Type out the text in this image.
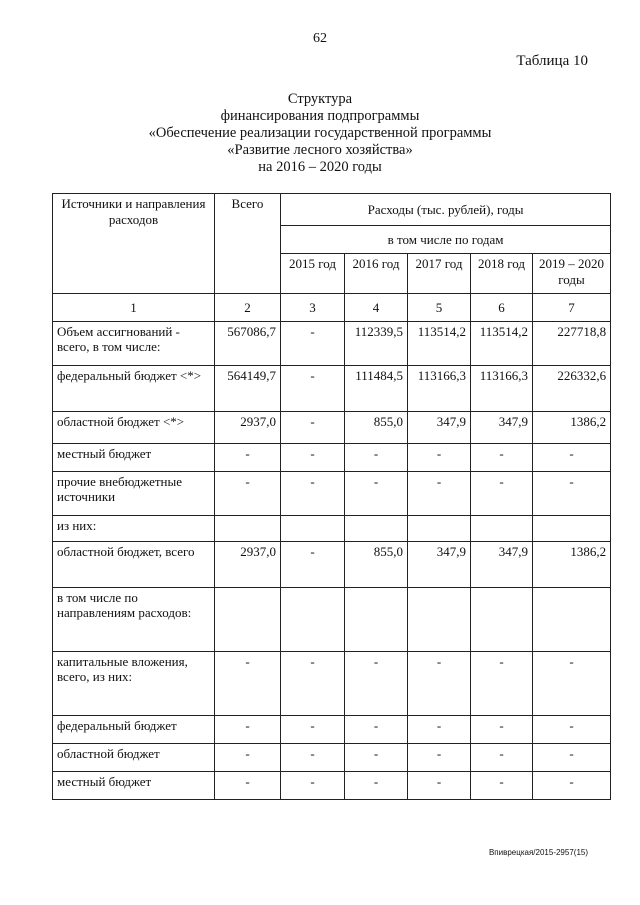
62
Таблица 10
Структура
финансирования подпрограммы
«Обеспечение реализации государственной программы
«Развитие лесного хозяйства»
на 2016 – 2020 годы
Источники и направления расходов	Всего	Расходы (тыс. рублей), годы				
		в том числе по годам				
		2015 год	2016 год	2017 год	2018 год	2019 – 2020 годы
1	2	3	4	5	6	7
Объем ассигнований - всего, в том числе:	567086,7	-	112339,5	113514,2	113514,2	227718,8
федеральный бюджет <*>	564149,7	-	111484,5	113166,3	113166,3	226332,6
областной бюджет <*>	2937,0	-	855,0	347,9	347,9	1386,2
местный бюджет	-	-	-	-	-	-
прочие внебюджетные источники	-	-	-	-	-	-
из них:						
областной бюджет, всего	2937,0	-	855,0	347,9	347,9	1386,2
в том числе по направлениям расходов:						
капитальные вложения, всего, из них:	-	-	-	-	-	-
федеральный бюджет	-	-	-	-	-	-
областной бюджет	-	-	-	-	-	-
местный бюджет	-	-	-	-	-	-
Впиврецкая/2015-2957(15)
